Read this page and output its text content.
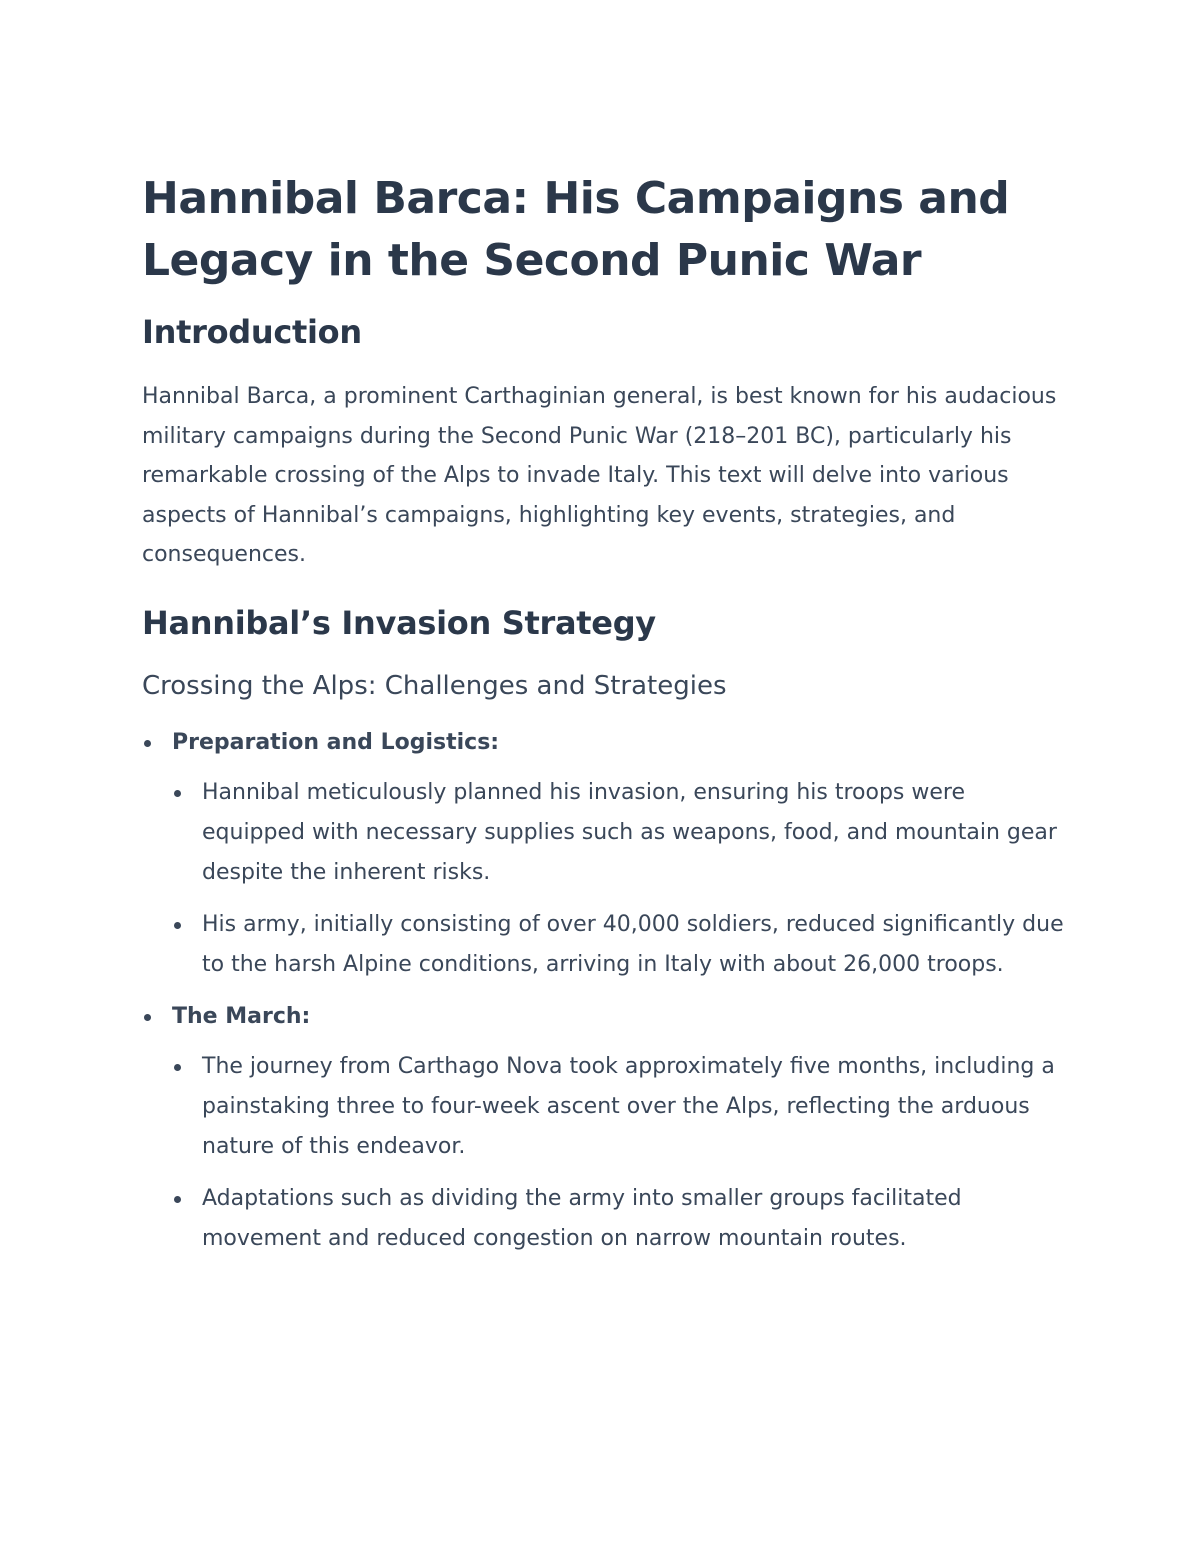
Hannibal Barca: His Campaigns and Legacy in the Second Punic War
Introduction

Hannibal Barca, a prominent Carthaginian general, is best known for his audacious military campaigns during the Second Punic War (218–201 BC), particularly his remarkable crossing of the Alps to invade Italy. This text will delve into various aspects of Hannibal’s campaigns, highlighting key events, strategies, and consequences.

Hannibal’s Invasion Strategy
Crossing the Alps: Challenges and Strategies
Preparation and Logistics:
Hannibal meticulously planned his invasion, ensuring his troops were equipped with necessary supplies such as weapons, food, and mountain gear despite the inherent risks.
His army, initially consisting of over 40,000 soldiers, reduced significantly due to the harsh Alpine conditions, arriving in Italy with about 26,000 troops.
The March:
The journey from Carthago Nova took approximately five months, including a painstaking three to four-week ascent over the Alps, reflecting the arduous nature of this endeavor.
Adaptations such as dividing the army into smaller groups facilitated movement and reduced congestion on narrow mountain routes.
